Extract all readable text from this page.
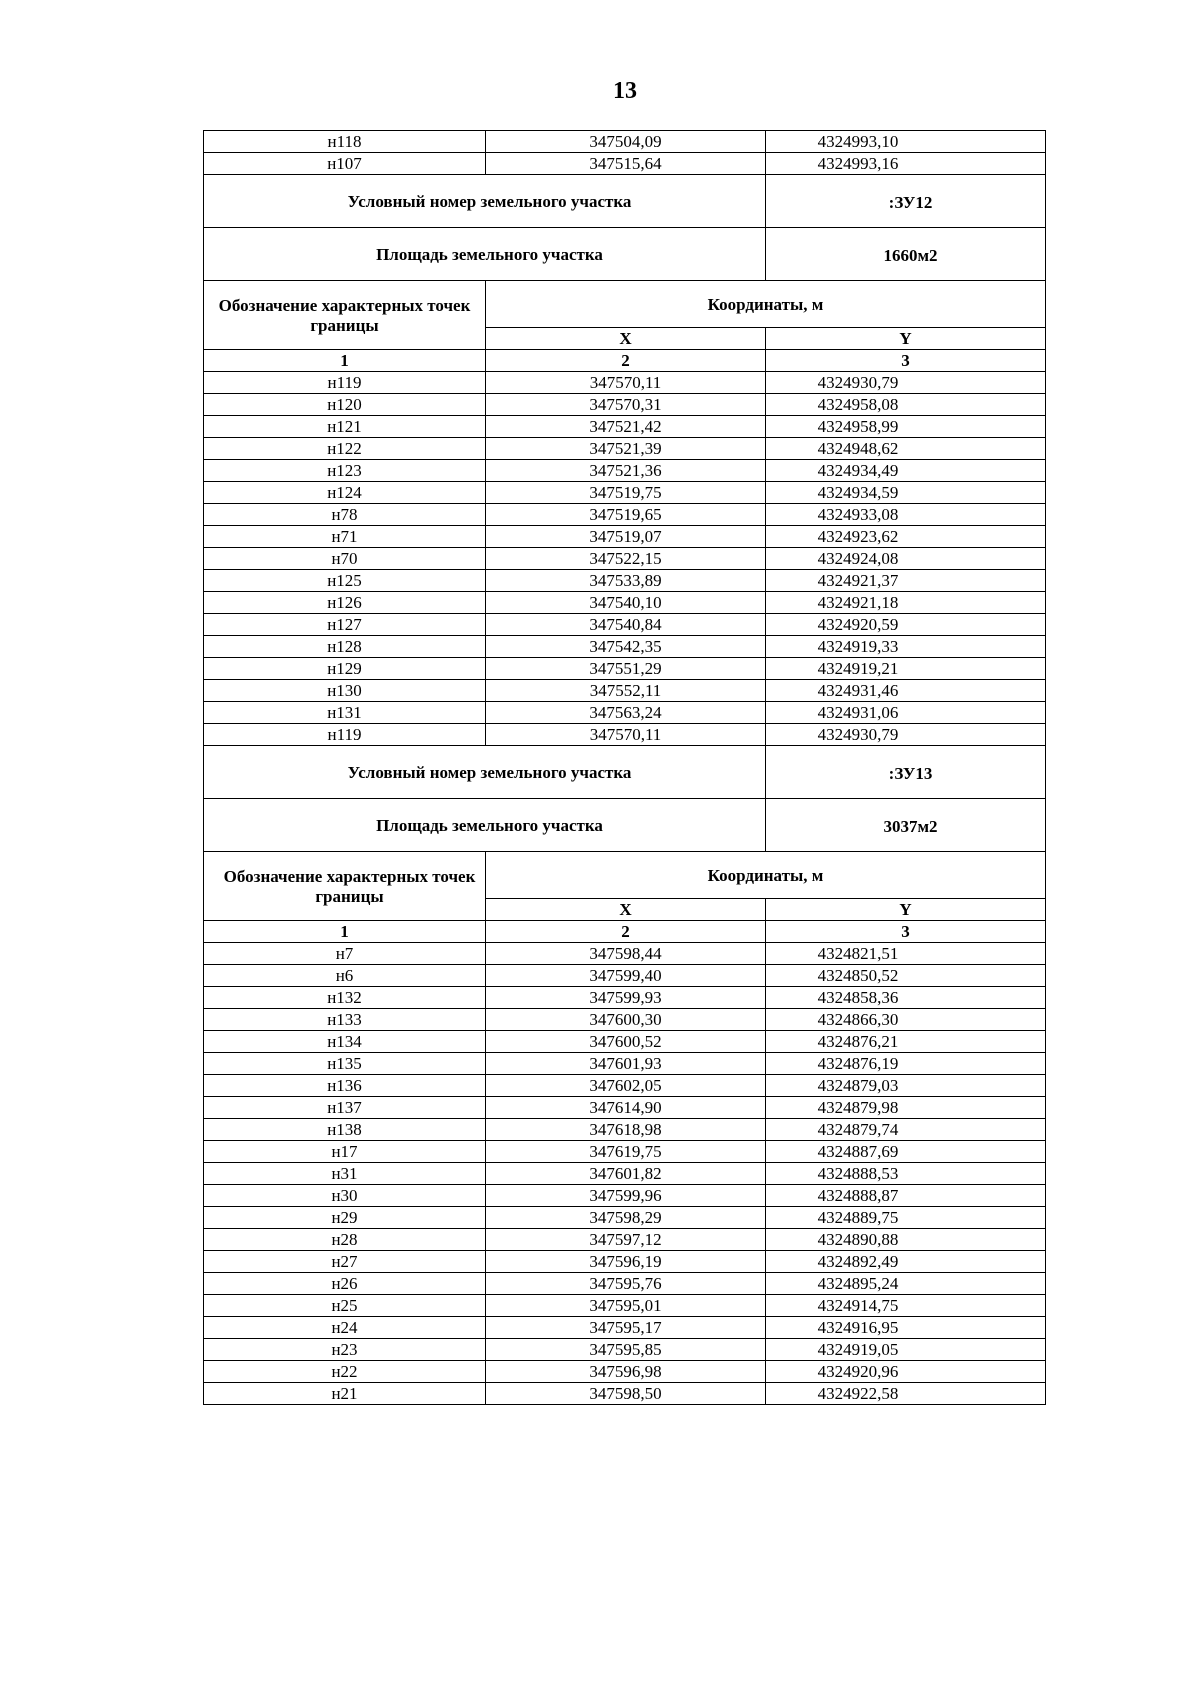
13
н118	347504,09	4324993,10
н107	347515,64	4324993,16
Условный номер земельного участка		:ЗУ12
Площадь земельного участка		1660м2
Обозначение характерных точек границы	Координаты, м	
	X	Y
1	2	3
н119	347570,11	4324930,79
н120	347570,31	4324958,08
н121	347521,42	4324958,99
н122	347521,39	4324948,62
н123	347521,36	4324934,49
н124	347519,75	4324934,59
н78	347519,65	4324933,08
н71	347519,07	4324923,62
н70	347522,15	4324924,08
н125	347533,89	4324921,37
н126	347540,10	4324921,18
н127	347540,84	4324920,59
н128	347542,35	4324919,33
н129	347551,29	4324919,21
н130	347552,11	4324931,46
н131	347563,24	4324931,06
н119	347570,11	4324930,79
Условный номер земельного участка		:ЗУ13
Площадь земельного участка		3037м2
Обозначение характерных точек границы	Координаты, м	
	X	Y
1	2	3
н7	347598,44	4324821,51
н6	347599,40	4324850,52
н132	347599,93	4324858,36
н133	347600,30	4324866,30
н134	347600,52	4324876,21
н135	347601,93	4324876,19
н136	347602,05	4324879,03
н137	347614,90	4324879,98
н138	347618,98	4324879,74
н17	347619,75	4324887,69
н31	347601,82	4324888,53
н30	347599,96	4324888,87
н29	347598,29	4324889,75
н28	347597,12	4324890,88
н27	347596,19	4324892,49
н26	347595,76	4324895,24
н25	347595,01	4324914,75
н24	347595,17	4324916,95
н23	347595,85	4324919,05
н22	347596,98	4324920,96
н21	347598,50	4324922,58
